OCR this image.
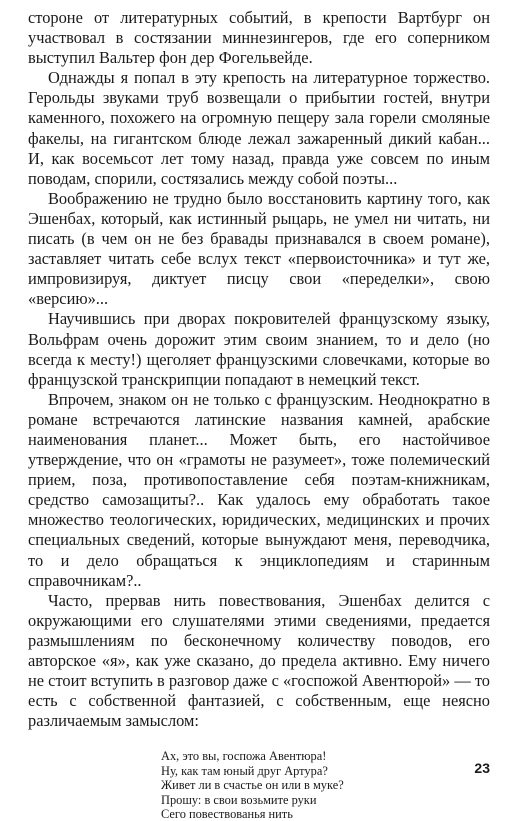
стороне от литературных событий, в крепости Вартбург он участвовал в состязании миннезингеров, где его соперником выступил Вальтер фон дер Фогельвейде.

Однажды я попал в эту крепость на литературное торжество. Герольды звуками труб возвещали о прибытии гостей, внутри каменного, похожего на огромную пещеру зала горели смоляные факелы, на гигантском блюде лежал зажаренный дикий кабан... И, как восемьсот лет тому назад, правда уже совсем по иным поводам, спорили, состязались между собой поэты...

Воображению не трудно было восстановить картину того, как Эшенбах, который, как истинный рыцарь, не умел ни читать, ни писать (в чем он не без бравады признавался в своем романе), заставляет читать себе вслух текст «первоисточника» и тут же, импровизируя, диктует писцу свои «переделки», свою «версию»...

Научившись при дворах покровителей французскому языку, Вольфрам очень дорожит этим своим знанием, то и дело (но всегда к месту!) щеголяет французскими словечками, которые во французской транскрипции попадают в немецкий текст.

Впрочем, знаком он не только с французским. Неоднократно в романе встречаются латинские названия камней, арабские наименования планет... Может быть, его настойчивое утверждение, что он «грамоты не разумеет», тоже полемический прием, поза, противопоставление себя поэтам-книжникам, средство самозащиты?.. Как удалось ему обработать такое множество теологических, юридических, медицинских и прочих специальных сведений, которые вынуждают меня, переводчика, то и дело обращаться к энциклопедиям и старинным справочникам?..

Часто, прервав нить повествования, Эшенбах делится с окружающими его слушателями этими сведениями, предается размышлениям по бесконечному количеству поводов, его авторское «я», как уже сказано, до предела активно. Ему ничего не стоит вступить в разговор даже с «госпожой Авентюрой» — то есть с собственной фантазией, с собственным, еще неясно различаемым замыслом:

Ах, это вы, госпожа Авентюра!
Ну, как там юный друг Артура?
Живет ли в счастье он или в муке?
Прошу: в свои возьмите руки
Сего повествованья нить
23
